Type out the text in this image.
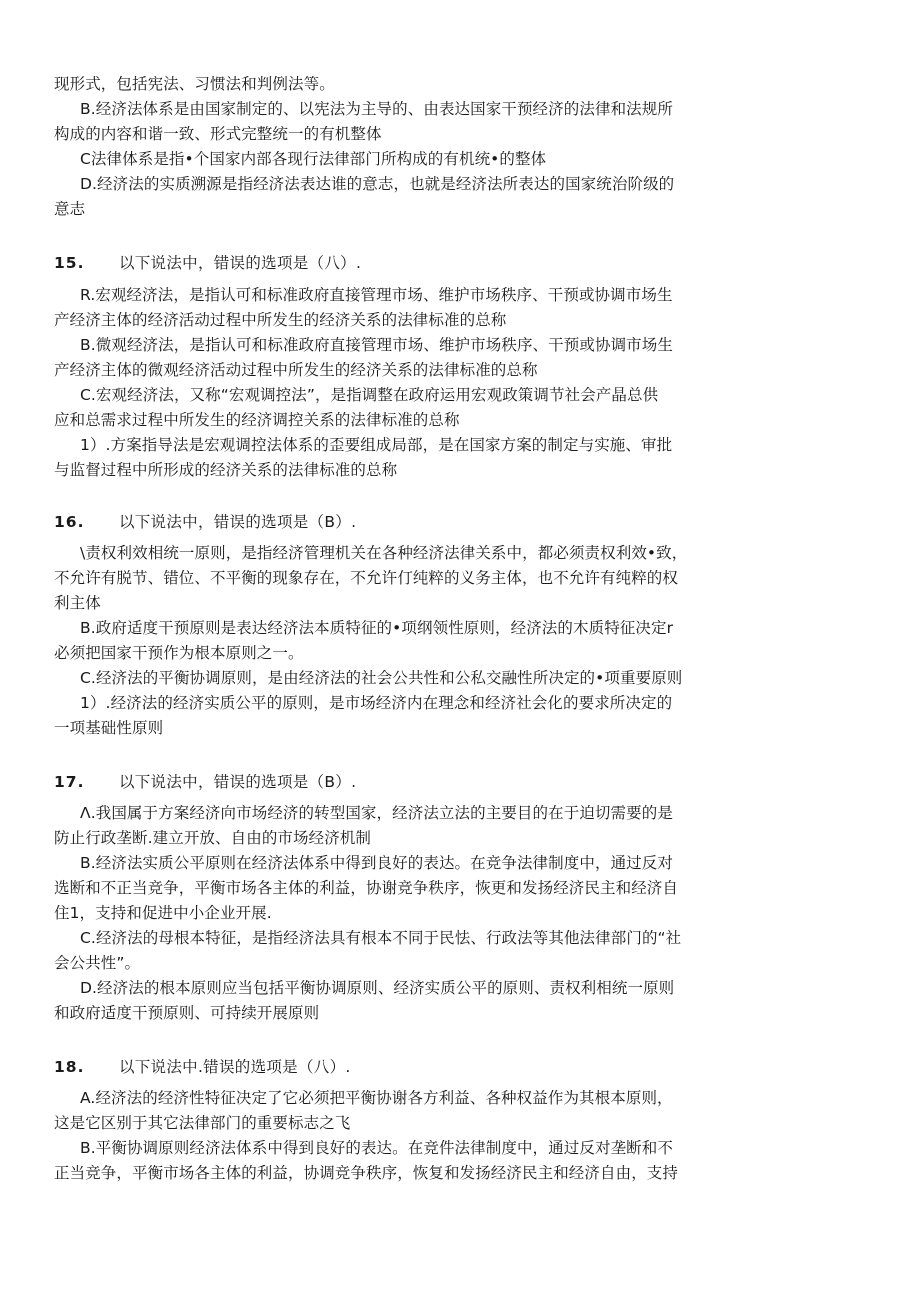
现形式，包括宪法、习惯法和判例法等。
B.经济法体系是由国家制定的、以宪法为主导的、由表达国家干预经济的法律和法规所
构成的内容和谐一致、形式完整统一的有机整体
C法律体系是指•个国家内部各现行法律部门所构成的有机统•的整体
D.经济法的实质溯源是指经济法表达谁的意志，也就是经济法所表达的国家统治阶级的
意志
15. 以下说法中，错误的选项是（八）.
R.宏观经济法，是指认可和标准政府直接管理市场、维护市场秩序、干预或协调市场生
产经济主体的经济活动过程中所发生的经济关系的法律标准的总称
B.微观经济法，是指认可和标准政府直接管理市场、维护市场秩序、干预或协调市场生
产经济主体的微观经济活动过程中所发生的经济关系的法律标准的总称
C.宏观经济法，又称“宏观调控法”，是指调整在政府运用宏观政策调节社会产晶总供
应和总需求过程中所发生的经济调控关系的法律标准的总称
1）.方案指导法是宏观调控法体系的歪要组成局部，是在国家方案的制定与实施、审批
与监督过程中所形成的经济关系的法律标准的总称
16. 以下说法中，错误的选项是（B）.
\责权利效相统一原则，是指经济管理机关在各种经济法律关系中，都必须责权利效•致，
不允许有脱节、错位、不平衡的现象存在，不允许仃纯粹的义务主体，也不允许有纯粹的权
利主体
B.政府适度干预原则是表达经济法本质特征的•项纲领性原则，经济法的木质特征决定r
必须把国家干预作为根本原则之一。
C.经济法的平衡协调原则，是由经济法的社会公共性和公私交融性所决定的•项重要原则
1）.经济法的经济实质公平的原则，是市场经济内在理念和经济社会化的要求所决定的
一项基础性原则
17. 以下说法中，错误的选项是（B）.
Λ.我国属于方案经济向市场经济的转型国家，经济法立法的主要目的在于迫切需要的是
防止行政垄断.建立开放、自由的市场经济机制
B.经济法实质公平原则在经济法体系中得到良好的表达。在竞争法律制度中，通过反对
选断和不正当竞争，平衡市场各主体的利益，协谢竞争秩序，恢更和发扬经济民主和经济自
住1，支持和促进中小企业开展.
C.经济法的母根本特征，是指经济法具有根本不同于民怯、行政法等其他法律部门的“社
会公共性”。
D.经济法的根本原则应当包括平衡协调原则、经济实质公平的原则、责权利相统一原则
和政府适度干预原则、可持续开展原则
18. 以下说法中.错误的选项是（八）.
A.经济法的经济性特征决定了它必须把平衡协谢各方利益、各种权益作为其根本原则，
这是它区别于其它法律部门的重要标志之飞
B.平衡协调原则经济法体系中得到良好的表达。在竞件法律制度中，通过反对垄断和不
正当竞争，平衡市场各主体的利益，协调竞争秩序，恢复和发扬经济民主和经济自由，支持
